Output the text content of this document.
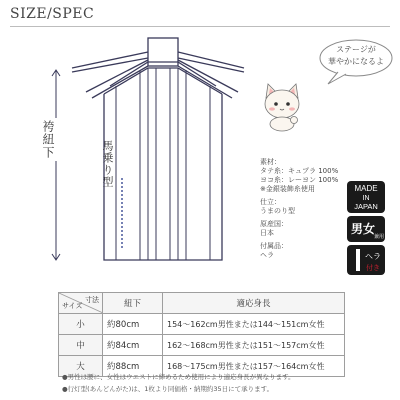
SIZE/SPEC
袴紐下
馬乗り型
ステージが
華やかになるよ
素材：
タテ糸：キュプラ 100%
ヨコ糸：レーヨン 100%
※金銀装飾糸使用
仕立：
うまのり型
原産国：
日本
付属品：
ヘラ
MADE
IN
JAPAN
男女
兼用
ヘラ
付き
寸法
サイズ	紐下	適応身長
小	約80cm	154〜162cm男性または144〜151cm女性
中	約84cm	162〜168cm男性または151〜157cm女性
大	約88cm	168〜175cm男性または157〜164cm女性
●男性は腰に、女性はウエストに締めるため使用により適応身長が異なります。
●行灯型(あんどんがた)は、1枚より同価格・納期約35日にて承ります。
